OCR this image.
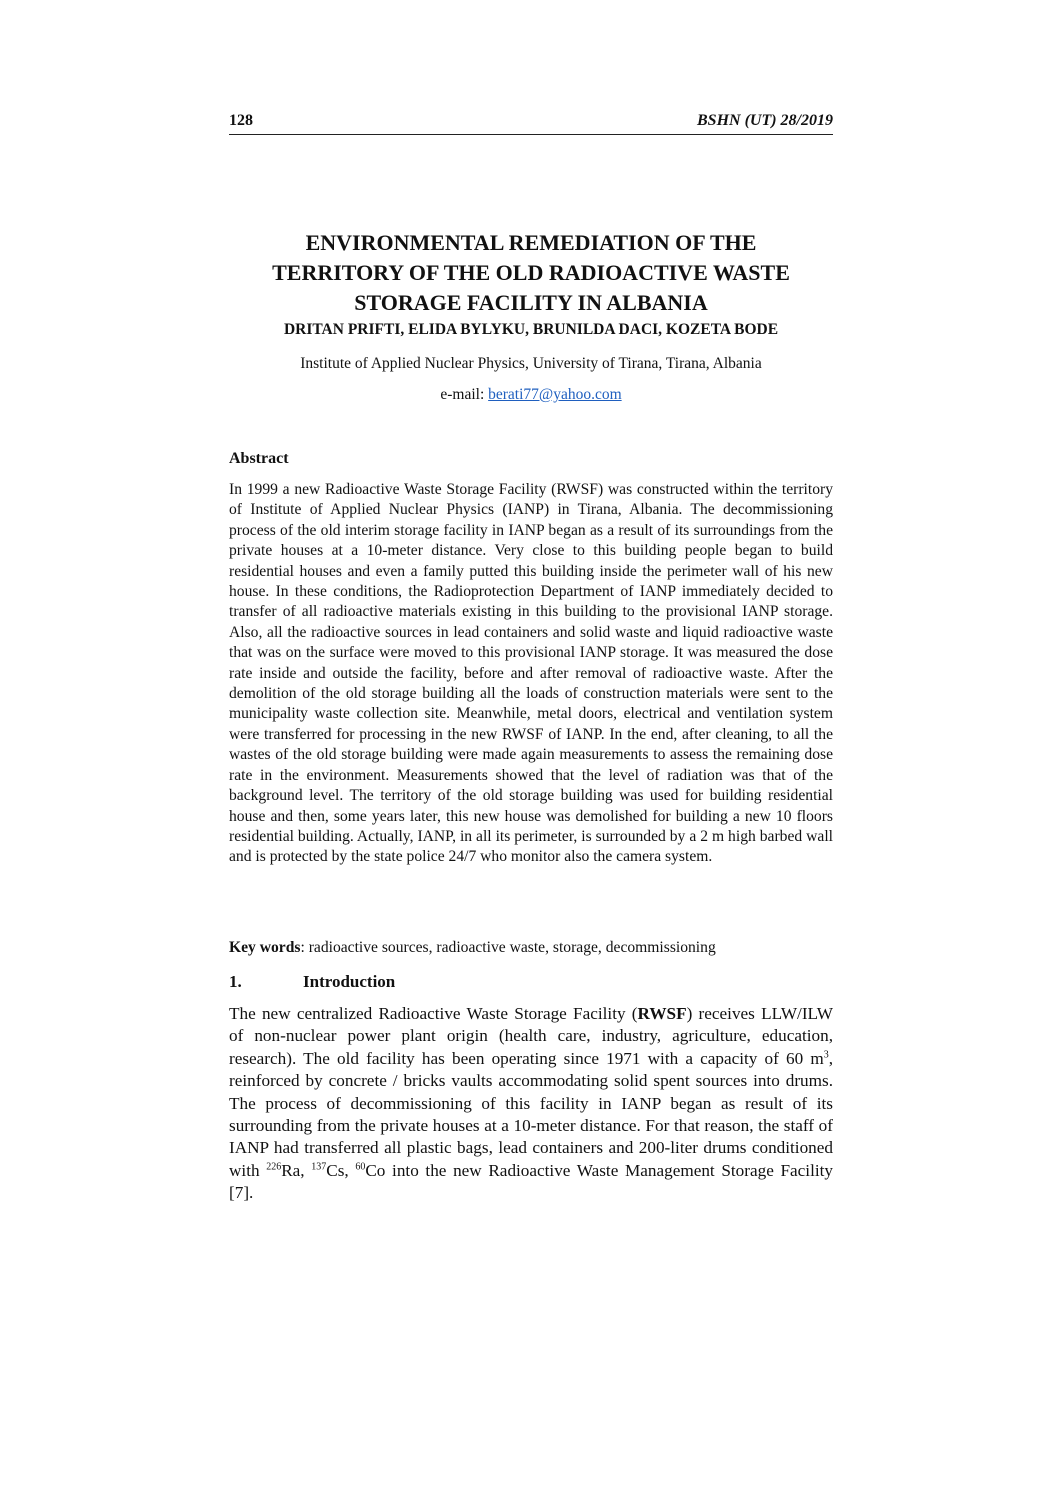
128	BSHN (UT) 28/2019
ENVIRONMENTAL REMEDIATION OF THE
TERRITORY OF THE OLD RADIOACTIVE WASTE
STORAGE FACILITY IN ALBANIA
DRITAN PRIFTI, ELIDA BYLYKU, BRUNILDA DACI, KOZETA BODE
Institute of Applied Nuclear Physics, University of Tirana, Tirana, Albania
e-mail: berati77@yahoo.com
Abstract

In 1999 a new Radioactive Waste Storage Facility (RWSF) was constructed within the territory of Institute of Applied Nuclear Physics (IANP) in Tirana, Albania. The decommissioning process of the old interim storage facility in IANP began as a result of its surroundings from the private houses at a 10-meter distance. Very close to this building people began to build residential houses and even a family putted this building inside the perimeter wall of his new house. In these conditions, the Radioprotection Department of IANP immediately decided to transfer of all radioactive materials existing in this building to the provisional IANP storage. Also, all the radioactive sources in lead containers and solid waste and liquid radioactive waste that was on the surface were moved to this provisional IANP storage. It was measured the dose rate inside and outside the facility, before and after removal of radioactive waste. After the demolition of the old storage building all the loads of construction materials were sent to the municipality waste collection site. Meanwhile, metal doors, electrical and ventilation system were transferred for processing in the new RWSF of IANP. In the end, after cleaning, to all the wastes of the old storage building were made again measurements to assess the remaining dose rate in the environment. Measurements showed that the level of radiation was that of the background level. The territory of the old storage building was used for building residential house and then, some years later, this new house was demolished for building a new 10 floors residential building. Actually, IANP, in all its perimeter, is surrounded by a 2 m high barbed wall and is protected by the state police 24/7 who monitor also the camera system.

Key words: radioactive sources, radioactive waste, storage, decommissioning
1.	Introduction

The new centralized Radioactive Waste Storage Facility (RWSF) receives LLW/ILW of non-nuclear power plant origin (health care, industry, agriculture, education, research). The old facility has been operating since 1971 with a capacity of 60 $m^3$, reinforced by concrete / bricks vaults accommodating solid spent sources into drums. The process of decommissioning of this facility in IANP began as result of its surrounding from the private houses at a 10-meter distance. For that reason, the staff of IANP had transferred all plastic bags, lead containers and 200-liter drums conditioned with $^{226}$Ra, $^{137}$Cs, $^{60}$Co into the new Radioactive Waste Management Storage Facility [7].
